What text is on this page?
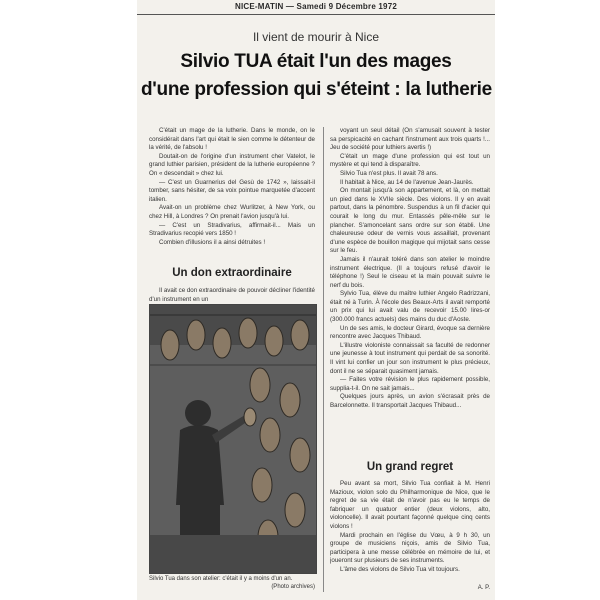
NICE-MATIN — Samedi 9 Décembre 1972
Il vient de mourir à Nice
Silvio TUA était l'un des mages
d'une profession qui s'éteint : la lutherie

C'était un mage de la lutherie. Dans le monde, on le considérait dans l'art qui était le sien comme le détenteur de la vérité, de l'absolu !

Doutait-on de l'origine d'un instrument cher Vatelot, le grand luthier parisien, président de la lutherie européenne ? On « descendait » chez lui.

— C'est un Guarnerius del Gesù de 1742 », laissait-il tomber, sans hésiter, de sa voix pointue marquetée d'accent italien.

Avait-on un problème chez Wurlitzer, à New York, ou chez Hill, à Londres ? On prenait l'avion jusqu'à lui.

— C'est un Stradivarius, affirmait-il... Mais un Stradivarius recopié vers 1850 !

Combien d'illusions il a ainsi détruites !

Un don extraordinaire

Il avait ce don extraordinaire de pouvoir décliner l'identité d'un instrument en un

Silvio Tua dans son atelier: c'était il y a moins d'un an.
(Photo archives)

voyant un seul détail (On s'amusait souvent à tester sa perspicacité en cachant l'instrument aux trois quarts !... Jeu de société pour luthiers avertis !)

C'était un mage d'une profession qui est tout un mystère et qui tend à disparaître.

Silvio Tua n'est plus. Il avait 78 ans.

Il habitait à Nice, au 14 de l'avenue Jean-Jaurès.

On montait jusqu'à son appartement, et là, on mettait un pied dans le XVIIe siècle. Des violons. Il y en avait partout, dans la pénombre. Suspendus à un fil d'acier qui courait le long du mur. Entassés pêle-mêle sur le plancher. S'amoncelant sans ordre sur son établi. Une chaleureuse odeur de vernis vous assaillait, provenant d'une espèce de bouillon magique qui mijotait sans cesse sur le feu.

Jamais il n'aurait toléré dans son atelier le moindre instrument électrique. (Il a toujours refusé d'avoir le téléphone !) Seul le ciseau et la main pouvait suivre le nerf du bois.

Sylvio Tua, élève du maître luthier Angelo Radrizzani, était né à Turin. À l'école des Beaux-Arts il avait remporté un prix qui lui avait valu de recevoir 15.00 lires-or (300.000 francs actuels) des mains du duc d'Aoste.

Un de ses amis, le docteur Girard, évoque sa dernière rencontre avec Jacques Thibaud.

L'illustre violoniste connaissait sa faculté de redonner une jeunesse à tout instrument qui perdait de sa sonorité. Il vint lui confier un jour son instrument le plus précieux, dont il ne se séparait quasiment jamais.

— Faites votre révision le plus rapidement possible, supplia-t-il. On ne sait jamais...

Quelques jours après, un avion s'écrasait près de Barcelonnette. Il transportait Jacques Thibaud...

Un grand regret

Peu avant sa mort, Silvio Tua confiait à M. Henri Mazioux, violon solo du Philharmonique de Nice, que le regret de sa vie était de n'avoir pas eu le temps de fabriquer un quatuor entier (deux violons, alto, violoncelle). Il avait pourtant façonné quelque cinq cents violons !

Mardi prochain en l'église du Vœu, à 9 h 30, un groupe de musiciens niçois, amis de Silvio Tua, participera à une messe célébrée en mémoire de lui, et joueront sur plusieurs de ses instruments.

L'âme des violons de Silvio Tua vit toujours.

A. P.
